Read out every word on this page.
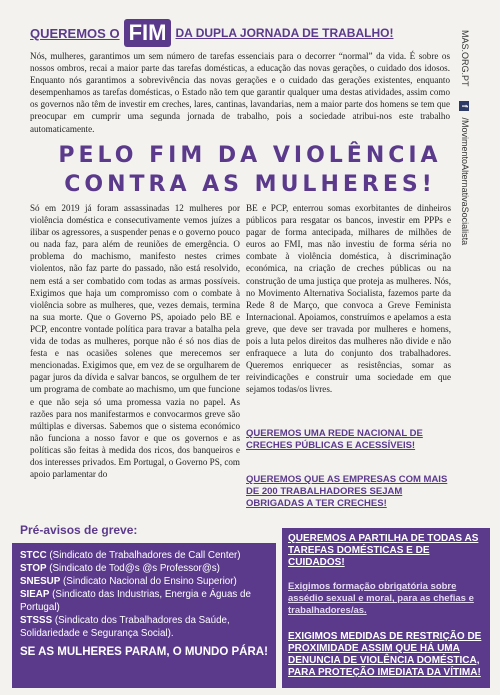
QUEREMOS O FIM DA DUPLA JORNADA DE TRABALHO!

Nós, mulheres, garantimos um sem número de tarefas essenciais para o decorrer “normal” da vida. É sobre os nossos ombros, recai a maior parte das tarefas domésticas, a educação das novas gerações, o cuidado dos idosos. Enquanto nós garantimos a sobrevivência das novas gerações e o cuidado das gerações existentes, enquanto desempenhamos as tarefas domésticas, o Estado não tem que garantir qualquer uma destas atividades, assim como os governos não têm de investir em creches, lares, cantinas, lavandarias, nem a maior parte dos homens se tem que preocupar em cumprir uma segunda jornada de trabalho, pois a sociedade atribui-nos este trabalho automaticamente.

MAS.ORG.PT f /MovimentoAlternativaSocialista
PELO FIM DA VIOLÊNCIA
CONTRA AS MULHERES!

Só em 2019 já foram assassinadas 12 mulheres por violência doméstica e consecutivamente vemos juízes a ilibar os agressores, a suspender penas e o governo pouco ou nada faz, para além de reuniões de emergência. O problema do machismo, manifesto nestes crimes violentos, não faz parte do passado, não está resolvido, nem está a ser combatido com todas as armas possíveis. Exigimos que haja um compromisso com o combate à violência sobre as mulheres, que, vezes demais, termina na sua morte. Que o Governo PS, apoiado pelo BE e PCP, encontre vontade política para travar a batalha pela vida de todas as mulheres, porque não é só nos dias de festa e nas ocasiões solenes que merecemos ser mencionadas. Exigimos que, em vez de se orgulharem de pagar juros da dívida e salvar bancos, se orgulhem de ter um programa de combate ao machismo, um que funcione e que não seja só uma promessa vazia no papel. As razões para nos manifestarmos e convocarmos greve são múltiplas e diversas. Sabemos que o sistema económico não funciona a nosso favor e que os governos e as políticas são feitas à medida dos ricos, dos banqueiros e dos interesses privados. Em Portugal, o Governo PS, com apoio parlamentar do

BE e PCP, enterrou somas exorbitantes de dinheiros públicos para resgatar os bancos, investir em PPPs e pagar de forma antecipada, milhares de milhões de euros ao FMI, mas não investiu de forma séria no combate à violência doméstica, à discriminação económica, na criação de creches públicas ou na construção de uma justiça que proteja as mulheres. Nós, no Movimento Alternativa Socialista, fazemos parte da Rede 8 de Março, que convoca a Greve Feminista Internacional. Apoiamos, construímos e apelamos a esta greve, que deve ser travada por mulheres e homens, pois a luta pelos direitos das mulheres não divide e não enfraquece a luta do conjunto dos trabalhadores. Queremos enriquecer as resistências, somar as reivindicações e construir uma sociedade em que sejamos todas/os livres.

QUEREMOS UMA REDE NACIONAL DE CRECHES PÚBLICAS E ACESSÍVEIS!
QUEREMOS QUE AS EMPRESAS COM MAIS DE 200 TRABALHADORES SEJAM OBRIGADAS A TER CRECHES!
Pré-avisos de greve:

STCC (Sindicato de Trabalhadores de Call Center)

STOP (Sindicato de Tod@s @s Professor@s)

SNESUP (Sindicato Nacional do Ensino Superior)

SIEAP (Sindicato das Industrias, Energia e Águas de Portugal)

STSSS (Sindicato dos Trabalhadores da Saúde, Solidariedade e Segurança Social).

SE AS MULHERES PARAM, O MUNDO PÁRA!

QUEREMOS A PARTILHA DE TODAS AS TAREFAS DOMÉSTICAS E DE CUIDADOS!
Exigimos formação obrigatória sobre assédio sexual e moral, para as chefias e trabalhadores/as.
EXIGIMOS MEDIDAS DE RESTRIÇÃO DE PROXIMIDADE ASSIM QUE HÁ UMA DENUNCIA DE VIOLÊNCIA DOMÉSTICA, PARA PROTEÇÃO IMEDIATA DA VÍTIMA!
